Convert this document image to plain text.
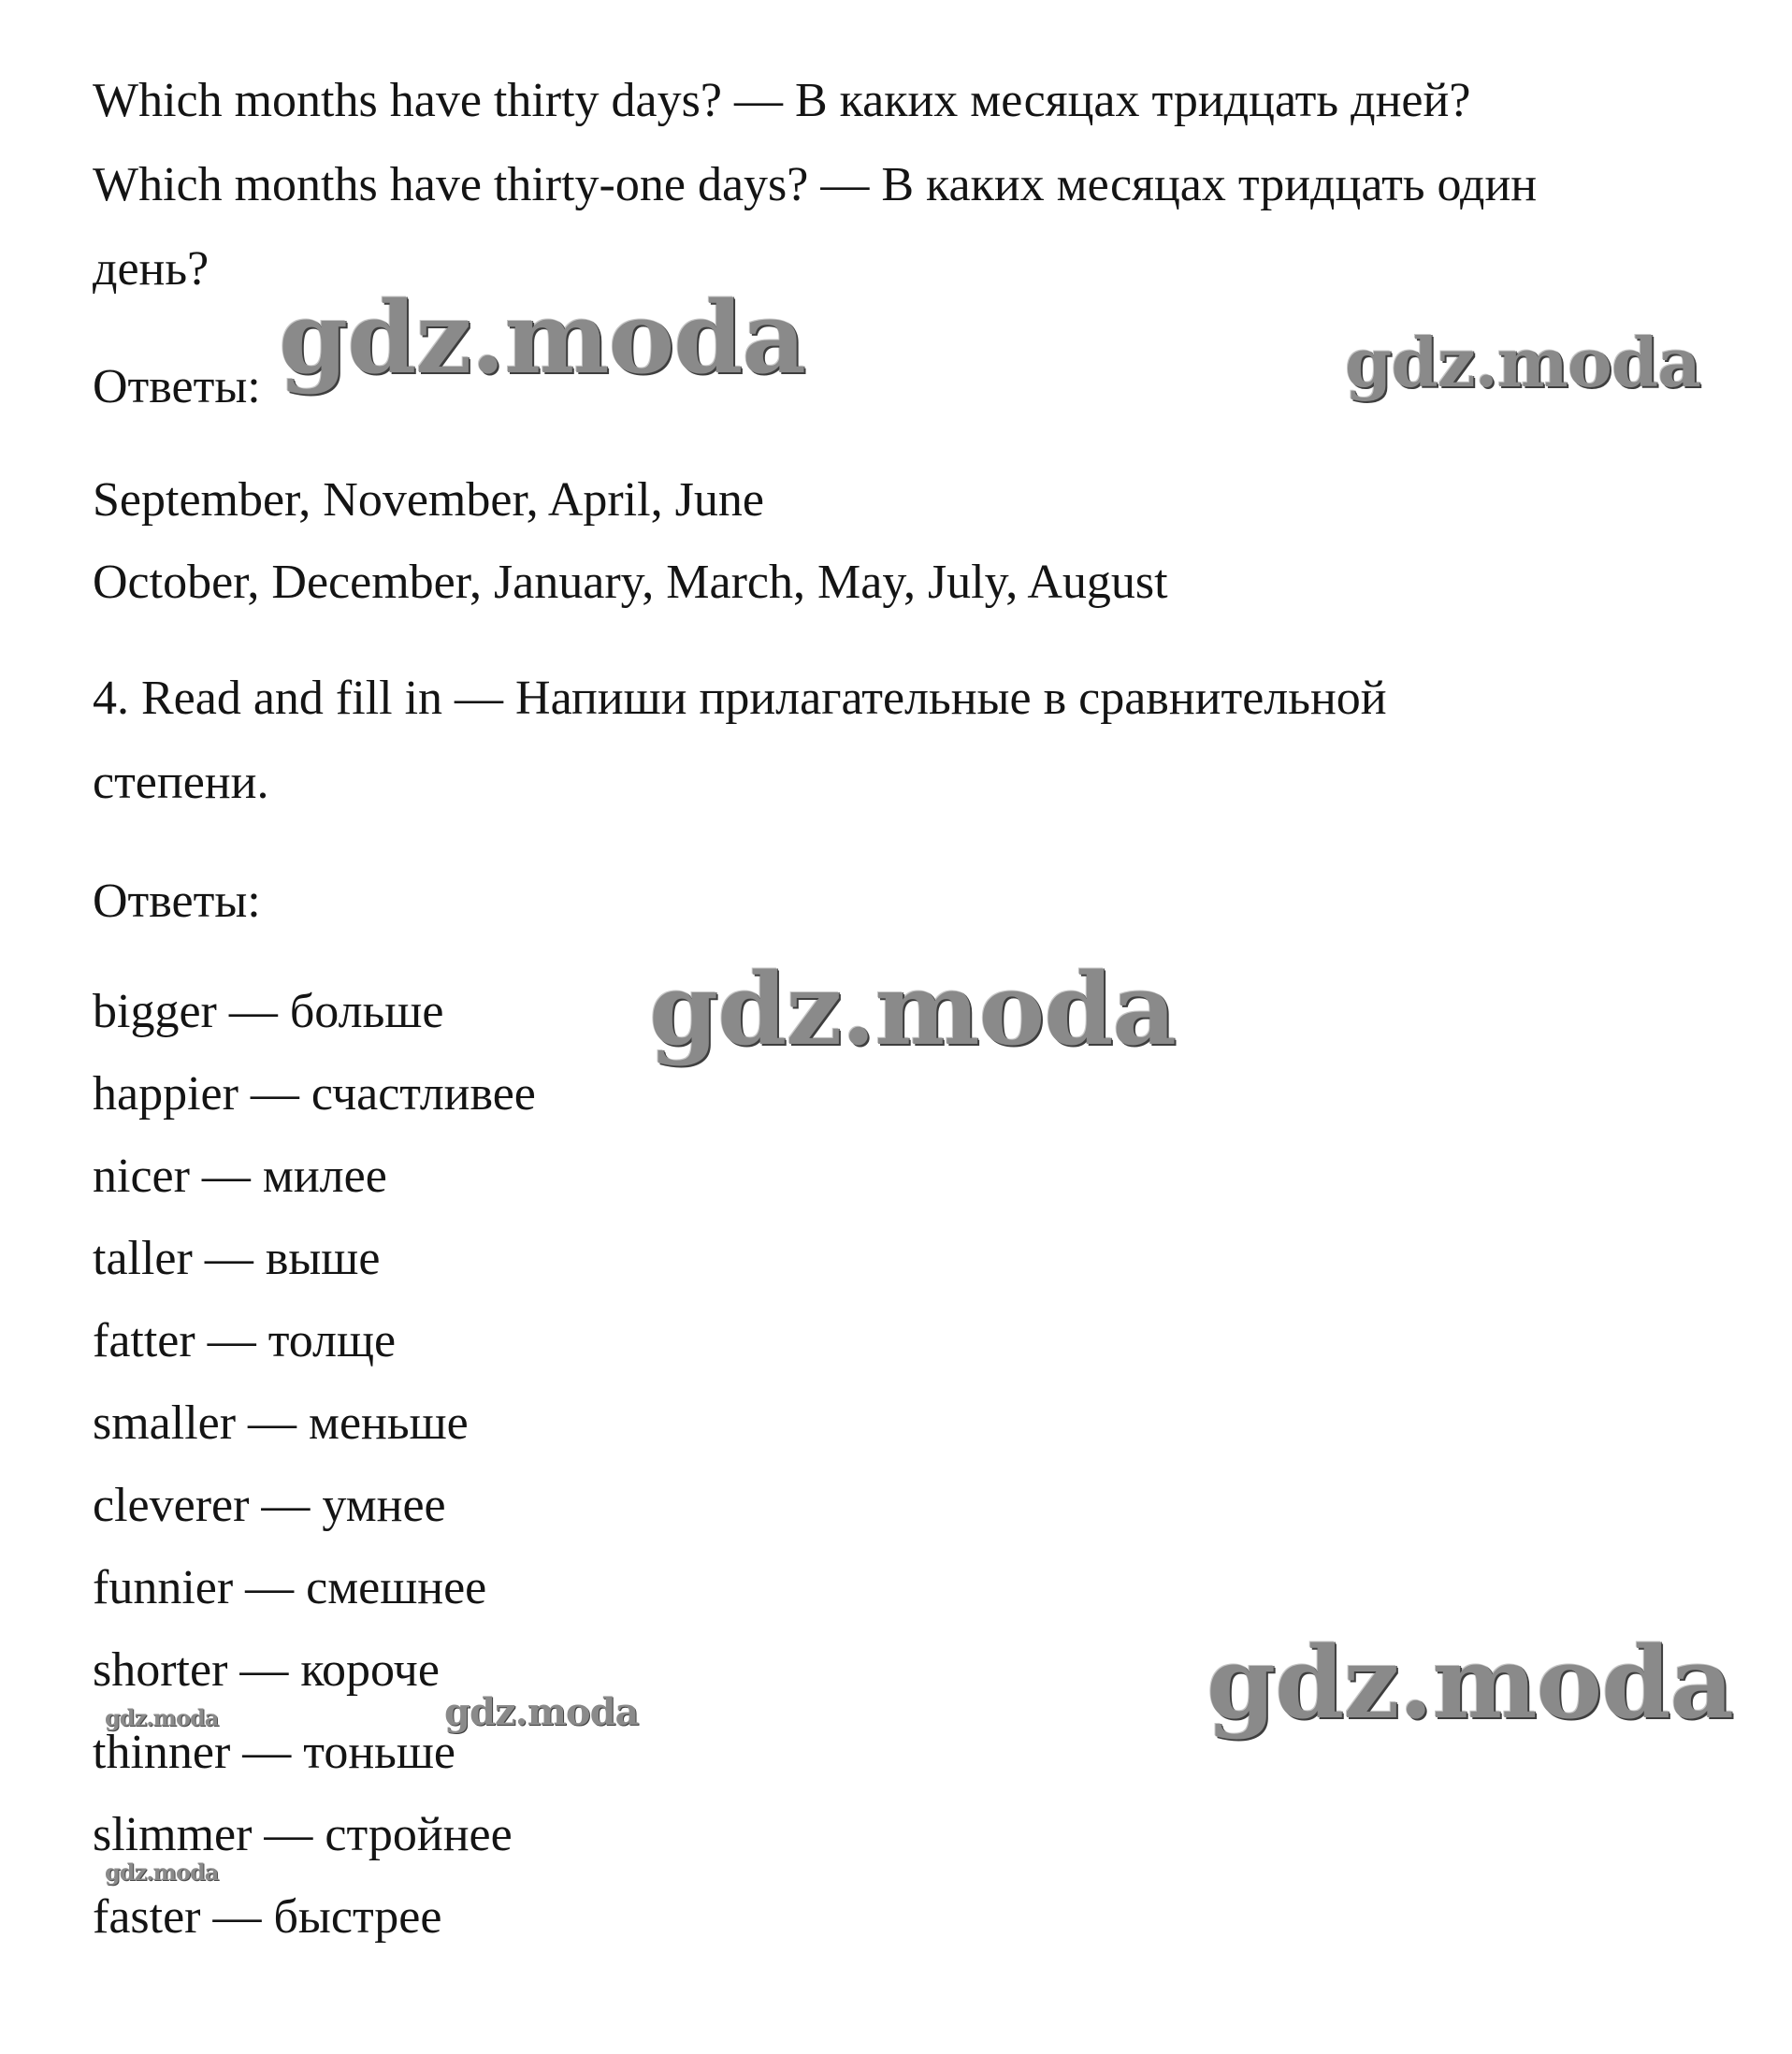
Which months have thirty days? — В каких месяцах тридцать дней?
Which months have thirty-one days? — В каких месяцах тридцать один
день?
Ответы:
September, November, April, June
October, December, January, March, May, July, August
4. Read and fill in — Напиши прилагательные в сравнительной
степени.
Ответы:
bigger — больше
happier — счастливее
nicer — милее
taller — выше
fatter — толще
smaller — меньше
cleverer — умнее
funnier — смешнее
shorter — короче
thinner — тоньше
slimmer — стройнее
faster — быстрее
gdz.moda	gdz.moda
gdz.moda
gdz.moda
gdz.moda
gdz.moda
gdz.moda
